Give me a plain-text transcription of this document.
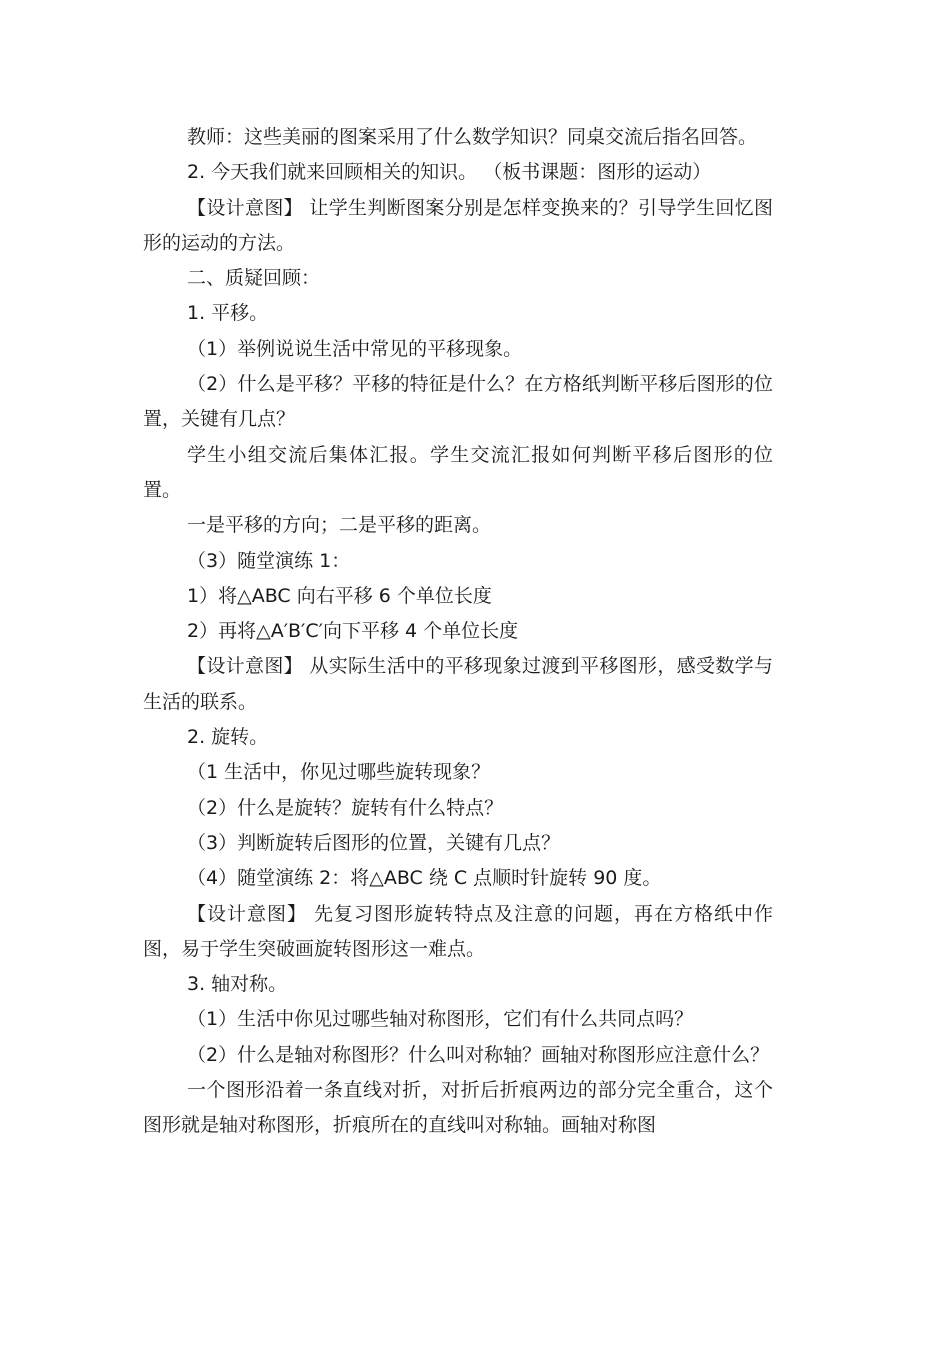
教师：这些美丽的图案采用了什么数学知识？同桌交流后指名回答。

2. 今天我们就来回顾相关的知识。 （板书课题：图形的运动）

【设计意图】 让学生判断图案分别是怎样变换来的？引导学生回忆图形的运动的方法。

二、质疑回顾：

1. 平移。

（1）举例说说生活中常见的平移现象。

（2）什么是平移？平移的特征是什么？在方格纸判断平移后图形的位置，关键有几点？

学生小组交流后集体汇报。学生交流汇报如何判断平移后图形的位置。

一是平移的方向；二是平移的距离。

（3）随堂演练 1：

1）将△ABC 向右平移 6 个单位长度

2）再将△A′B′C′向下平移 4 个单位长度

【设计意图】 从实际生活中的平移现象过渡到平移图形，感受数学与生活的联系。

2. 旋转。

（1 生活中，你见过哪些旋转现象？

（2）什么是旋转？旋转有什么特点？

（3）判断旋转后图形的位置，关键有几点？

（4）随堂演练 2：将△ABC 绕 C 点顺时针旋转 90 度。

【设计意图】 先复习图形旋转特点及注意的问题，再在方格纸中作图，易于学生突破画旋转图形这一难点。

3. 轴对称。

（1）生活中你见过哪些轴对称图形，它们有什么共同点吗？

（2）什么是轴对称图形？什么叫对称轴？画轴对称图形应注意什么？

一个图形沿着一条直线对折，对折后折痕两边的部分完全重合，这个图形就是轴对称图形，折痕所在的直线叫对称轴。画轴对称图
